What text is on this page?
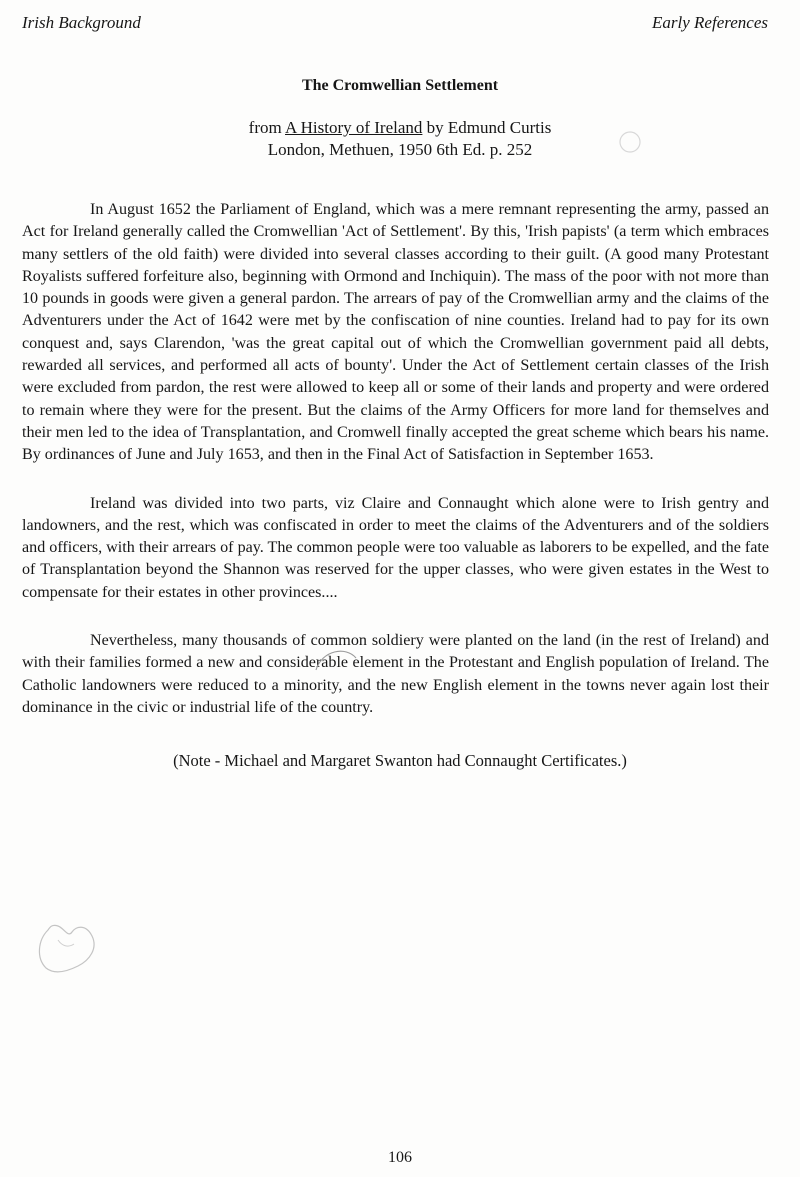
Irish Background	Early References
The Cromwellian Settlement
from A History of Ireland by Edmund Curtis
London, Methuen, 1950 6th Ed. p. 252

In August 1652 the Parliament of England, which was a mere remnant representing the army, passed an Act for Ireland generally called the Cromwellian 'Act of Settlement'. By this, 'Irish papists' (a term which embraces many settlers of the old faith) were divided into several classes according to their guilt. (A good many Protestant Royalists suffered forfeiture also, beginning with Ormond and Inchiquin). The mass of the poor with not more than 10 pounds in goods were given a general pardon. The arrears of pay of the Cromwellian army and the claims of the Adventurers under the Act of 1642 were met by the confiscation of nine counties. Ireland had to pay for its own conquest and, says Clarendon, 'was the great capital out of which the Cromwellian government paid all debts, rewarded all services, and performed all acts of bounty'. Under the Act of Settlement certain classes of the Irish were excluded from pardon, the rest were allowed to keep all or some of their lands and property and were ordered to remain where they were for the present. But the claims of the Army Officers for more land for themselves and their men led to the idea of Transplantation, and Cromwell finally accepted the great scheme which bears his name. By ordinances of June and July 1653, and then in the Final Act of Satisfaction in September 1653.

Ireland was divided into two parts, viz Claire and Connaught which alone were to Irish gentry and landowners, and the rest, which was confiscated in order to meet the claims of the Adventurers and of the soldiers and officers, with their arrears of pay. The common people were too valuable as laborers to be expelled, and the fate of Transplantation beyond the Shannon was reserved for the upper classes, who were given estates in the West to compensate for their estates in other provinces....

Nevertheless, many thousands of common soldiery were planted on the land (in the rest of Ireland) and with their families formed a new and considerable element in the Protestant and English population of Ireland. The Catholic landowners were reduced to a minority, and the new English element in the towns never again lost their dominance in the civic or industrial life of the country.

(Note - Michael and Margaret Swanton had Connaught Certificates.)
106
